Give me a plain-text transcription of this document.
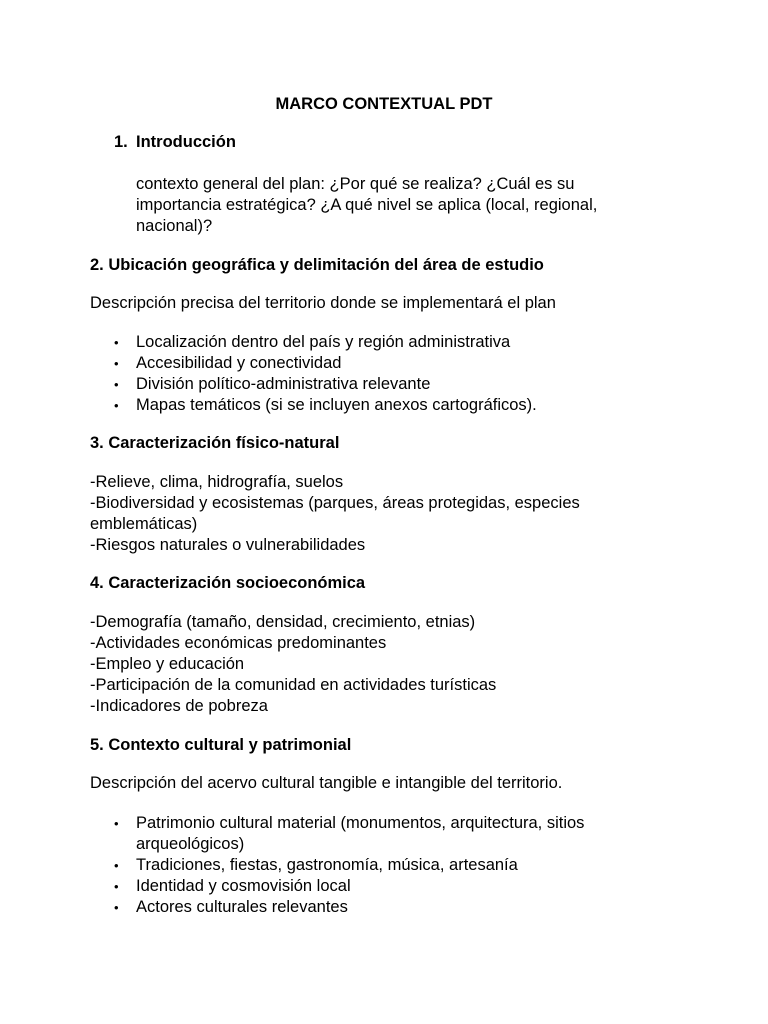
MARCO CONTEXTUAL PDT

1. Introducción

contexto general del plan: ¿Por qué se realiza? ¿Cuál es su importancia estratégica? ¿A qué nivel se aplica (local, regional, nacional)?

2. Ubicación geográfica y delimitación del área de estudio

Descripción precisa del territorio donde se implementará el plan

• Localización dentro del país y región administrativa
• Accesibilidad y conectividad
• División político-administrativa relevante
• Mapas temáticos (si se incluyen anexos cartográficos).

3. Caracterización físico-natural

-Relieve, clima, hidrografía, suelos
-Biodiversidad y ecosistemas (parques, áreas protegidas, especies
emblemáticas)
-Riesgos naturales o vulnerabilidades

4. Caracterización socioeconómica

-Demografía (tamaño, densidad, crecimiento, etnias)
-Actividades económicas predominantes
-Empleo y educación
-Participación de la comunidad en actividades turísticas
-Indicadores de pobreza

5. Contexto cultural y patrimonial

Descripción del acervo cultural tangible e intangible del territorio.

• Patrimonio cultural material (monumentos, arquitectura, sitios arqueológicos)
• Tradiciones, fiestas, gastronomía, música, artesanía
• Identidad y cosmovisión local
• Actores culturales relevantes
